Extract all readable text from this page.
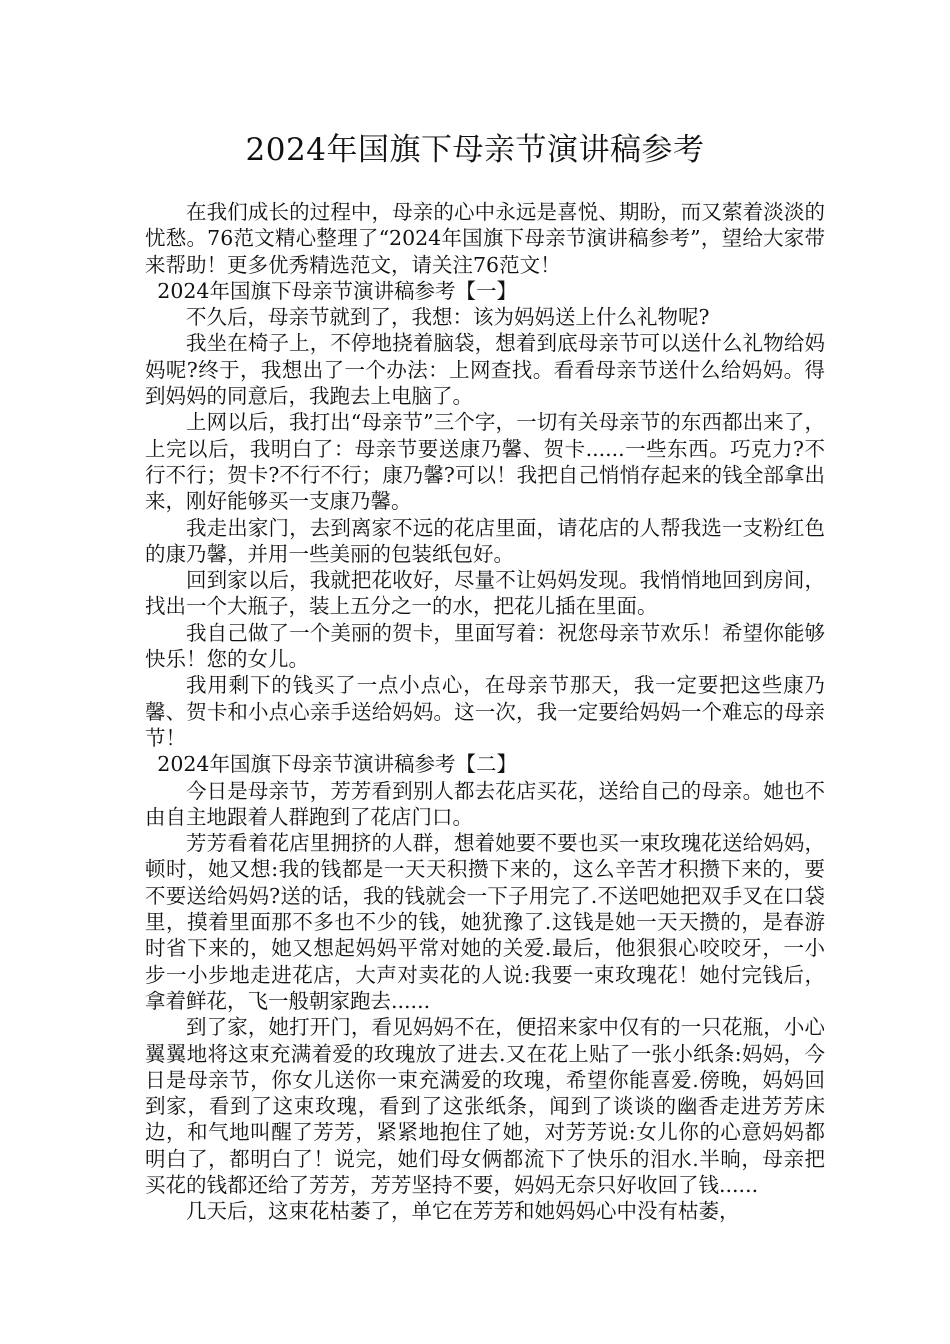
2024年国旗下母亲节演讲稿参考

在我们成长的过程中，母亲的心中永远是喜悦、期盼，而又萦着淡淡的忧愁。76范文精心整理了“2024年国旗下母亲节演讲稿参考”，望给大家带来帮助！更多优秀精选范文，请关注76范文！

2024年国旗下母亲节演讲稿参考【一】

不久后，母亲节就到了，我想：该为妈妈送上什么礼物呢?

我坐在椅子上，不停地挠着脑袋，想着到底母亲节可以送什么礼物给妈妈呢?终于，我想出了一个办法：上网查找。看看母亲节送什么给妈妈。得到妈妈的同意后，我跑去上电脑了。

上网以后，我打出“母亲节”三个字，一切有关母亲节的东西都出来了，上完以后，我明白了：母亲节要送康乃馨、贺卡......一些东西。巧克力?不行不行；贺卡?不行不行；康乃馨?可以！我把自己悄悄存起来的钱全部拿出来，刚好能够买一支康乃馨。

我走出家门，去到离家不远的花店里面，请花店的人帮我选一支粉红色的康乃馨，并用一些美丽的包装纸包好。

回到家以后，我就把花收好，尽量不让妈妈发现。我悄悄地回到房间，找出一个大瓶子，装上五分之一的水，把花儿插在里面。

我自己做了一个美丽的贺卡，里面写着：祝您母亲节欢乐！希望你能够快乐！您的女儿。

我用剩下的钱买了一点小点心，在母亲节那天，我一定要把这些康乃馨、贺卡和小点心亲手送给妈妈。这一次，我一定要给妈妈一个难忘的母亲节！

2024年国旗下母亲节演讲稿参考【二】

今日是母亲节，芳芳看到别人都去花店买花，送给自己的母亲。她也不由自主地跟着人群跑到了花店门口。

芳芳看着花店里拥挤的人群，想着她要不要也买一束玫瑰花送给妈妈，顿时，她又想:我的钱都是一天天积攒下来的，这么辛苦才积攒下来的，要不要送给妈妈?送的话，我的钱就会一下子用完了.不送吧她把双手叉在口袋里，摸着里面那不多也不少的钱，她犹豫了.这钱是她一天天攒的，是春游时省下来的，她又想起妈妈平常对她的关爱.最后，他狠狠心咬咬牙，一小步一小步地走进花店，大声对卖花的人说:我要一束玫瑰花！她付完钱后，拿着鲜花，飞一般朝家跑去......

到了家，她打开门，看见妈妈不在，便招来家中仅有的一只花瓶，小心翼翼地将这束充满着爱的玫瑰放了进去.又在花上贴了一张小纸条:妈妈，今日是母亲节，你女儿送你一束充满爱的玫瑰，希望你能喜爱.傍晚，妈妈回到家，看到了这束玫瑰，看到了这张纸条，闻到了谈谈的幽香走进芳芳床边，和气地叫醒了芳芳，紧紧地抱住了她，对芳芳说:女儿你的心意妈妈都明白了，都明白了！说完，她们母女俩都流下了快乐的泪水.半晌，母亲把买花的钱都还给了芳芳，芳芳坚持不要，妈妈无奈只好收回了钱......

几天后，这束花枯萎了，单它在芳芳和她妈妈心中没有枯萎，
